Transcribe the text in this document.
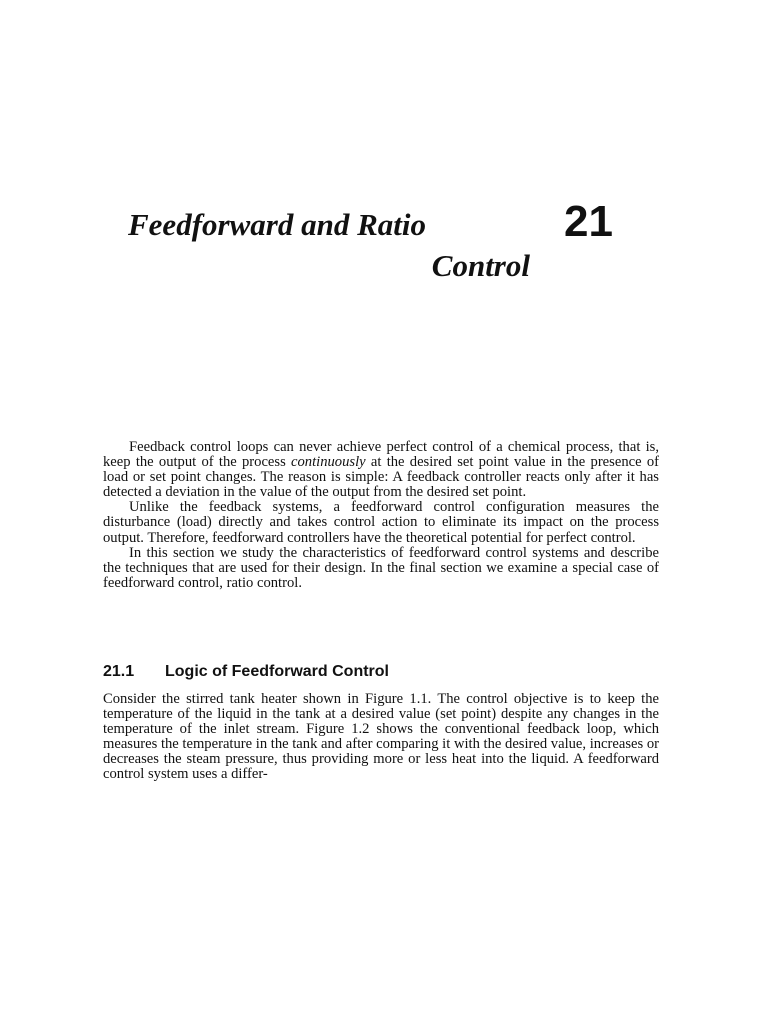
Feedforward and Ratio
Control
21

Feedback control loops can never achieve perfect control of a chemical process, that is, keep the output of the process continuously at the desired set point value in the presence of load or set point changes. The reason is simple: A feedback controller reacts only after it has detected a deviation in the value of the output from the desired set point.

Unlike the feedback systems, a feedforward control configuration measures the disturbance (load) directly and takes control action to eliminate its impact on the process output. Therefore, feedforward controllers have the theoretical potential for perfect control.

In this section we study the characteristics of feedforward control systems and describe the techniques that are used for their design. In the final section we examine a special case of feedforward control, ratio control.

21.1 Logic of Feedforward Control

Consider the stirred tank heater shown in Figure 1.1. The control objective is to keep the temperature of the liquid in the tank at a desired value (set point) despite any changes in the temperature of the inlet stream. Figure 1.2 shows the conventional feedback loop, which measures the temperature in the tank and after comparing it with the desired value, increases or decreases the steam pressure, thus providing more or less heat into the liquid. A feedforward control system uses a differ-
